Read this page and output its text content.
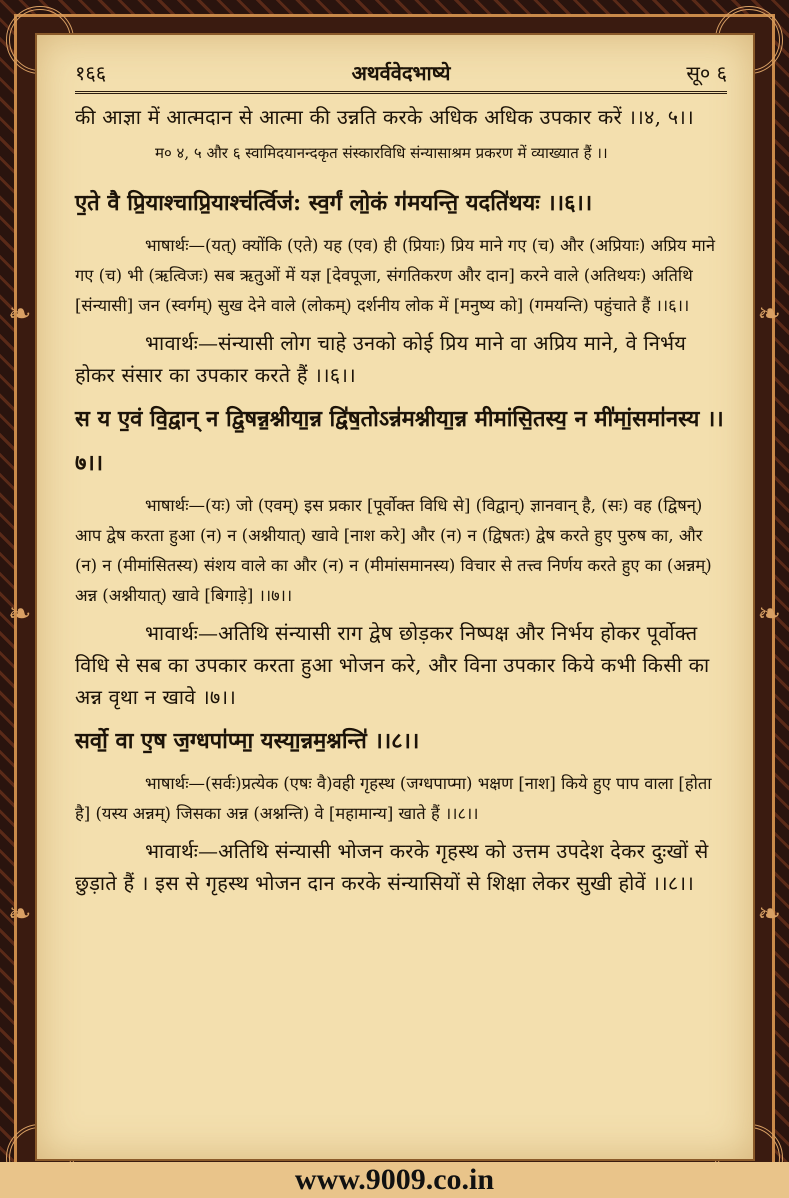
❧
❧
❧
❧
❧
❧
१६६	अथर्ववेदभाष्ये	सू० ६

की आज्ञा में आत्मदान से आत्मा की उन्नति करके अधिक अधिक उपकार करें ।।४, ५।।

म० ४, ५ और ६ स्वामिदयानन्दकृत संस्कारविधि संन्यासाश्रम प्रकरण में व्याख्यात हैं ।।

ए॒ते वै प्रि॒याश्चाप्रि॒याश्च॑र्त्विज॑: स्व॒र्गं लो॒कं ग॑मयन्ति॒ यदति॑थयः ।।६।।

भाषार्थः—(यत्) क्योंकि (एते) यह (एव) ही (प्रियाः) प्रिय माने गए (च) और (अप्रियाः) अप्रिय माने गए (च) भी (ऋत्विजः) सब ऋतुओं में यज्ञ [देवपूजा, संगतिकरण और दान] करने वाले (अतिथयः) अतिथि [संन्यासी] जन (स्वर्गम्) सुख देने वाले (लोकम्) दर्शनीय लोक में [मनुष्य को] (गमयन्ति) पहुंचाते हैं ।।६।।

भावार्थः—संन्यासी लोग चाहे उनको कोई प्रिय माने वा अप्रिय माने, वे निर्भय होकर संसार का उपकार करते हैं ।।६।।

स य ए॒वं वि॒द्वान् न द्वि॒षन्न॒श्नीया॒न्न द्वि॑ष॒तोऽन्न॑मश्नीया॒न्न मीमांसि॒तस्य॒ न मी॑मां॒समा॑नस्य ।।७।।

भाषार्थः—(यः) जो (एवम्) इस प्रकार [पूर्वोक्त विधि से] (विद्वान्) ज्ञानवान् है, (सः) वह (द्विषन्) आप द्वेष करता हुआ (न) न (अश्नीयात्) खावे [नाश करे] और (न) न (द्विषतः) द्वेष करते हुए पुरुष का, और (न) न (मीमांसितस्य) संशय वाले का और (न) न (मीमांसमानस्य) विचार से तत्त्व निर्णय करते हुए का (अन्नम्) अन्न (अश्नीयात्) खावे [बिगाड़े] ।।७।।

भावार्थः—अतिथि संन्यासी राग द्वेष छोड़कर निष्पक्ष और निर्भय होकर पूर्वोक्त विधि से सब का उपकार करता हुआ भोजन करे, और विना उपकार किये कभी किसी का अन्न वृथा न खावे ।७।।

सर्वो॒ वा ए॒ष ज॒ग्धपा॑प्मा॒ यस्या॒न्नम॒श्नन्ति॑ ।।८।।

भाषार्थः—(सर्वः)प्रत्येक (एषः वै)वही गृहस्थ (जग्धपाप्मा) भक्षण [नाश] किये हुए पाप वाला [होता है] (यस्य अन्नम्) जिसका अन्न (अश्नन्ति) वे [महामान्य] खाते हैं ।।८।।

भावार्थः—अतिथि संन्यासी भोजन करके गृहस्थ को उत्तम उपदेश देकर दुःखों से छुड़ाते हैं । इस से गृहस्थ भोजन दान करके संन्यासियों से शिक्षा लेकर सुखी होवें ।।८।।

www.9009.co.in
